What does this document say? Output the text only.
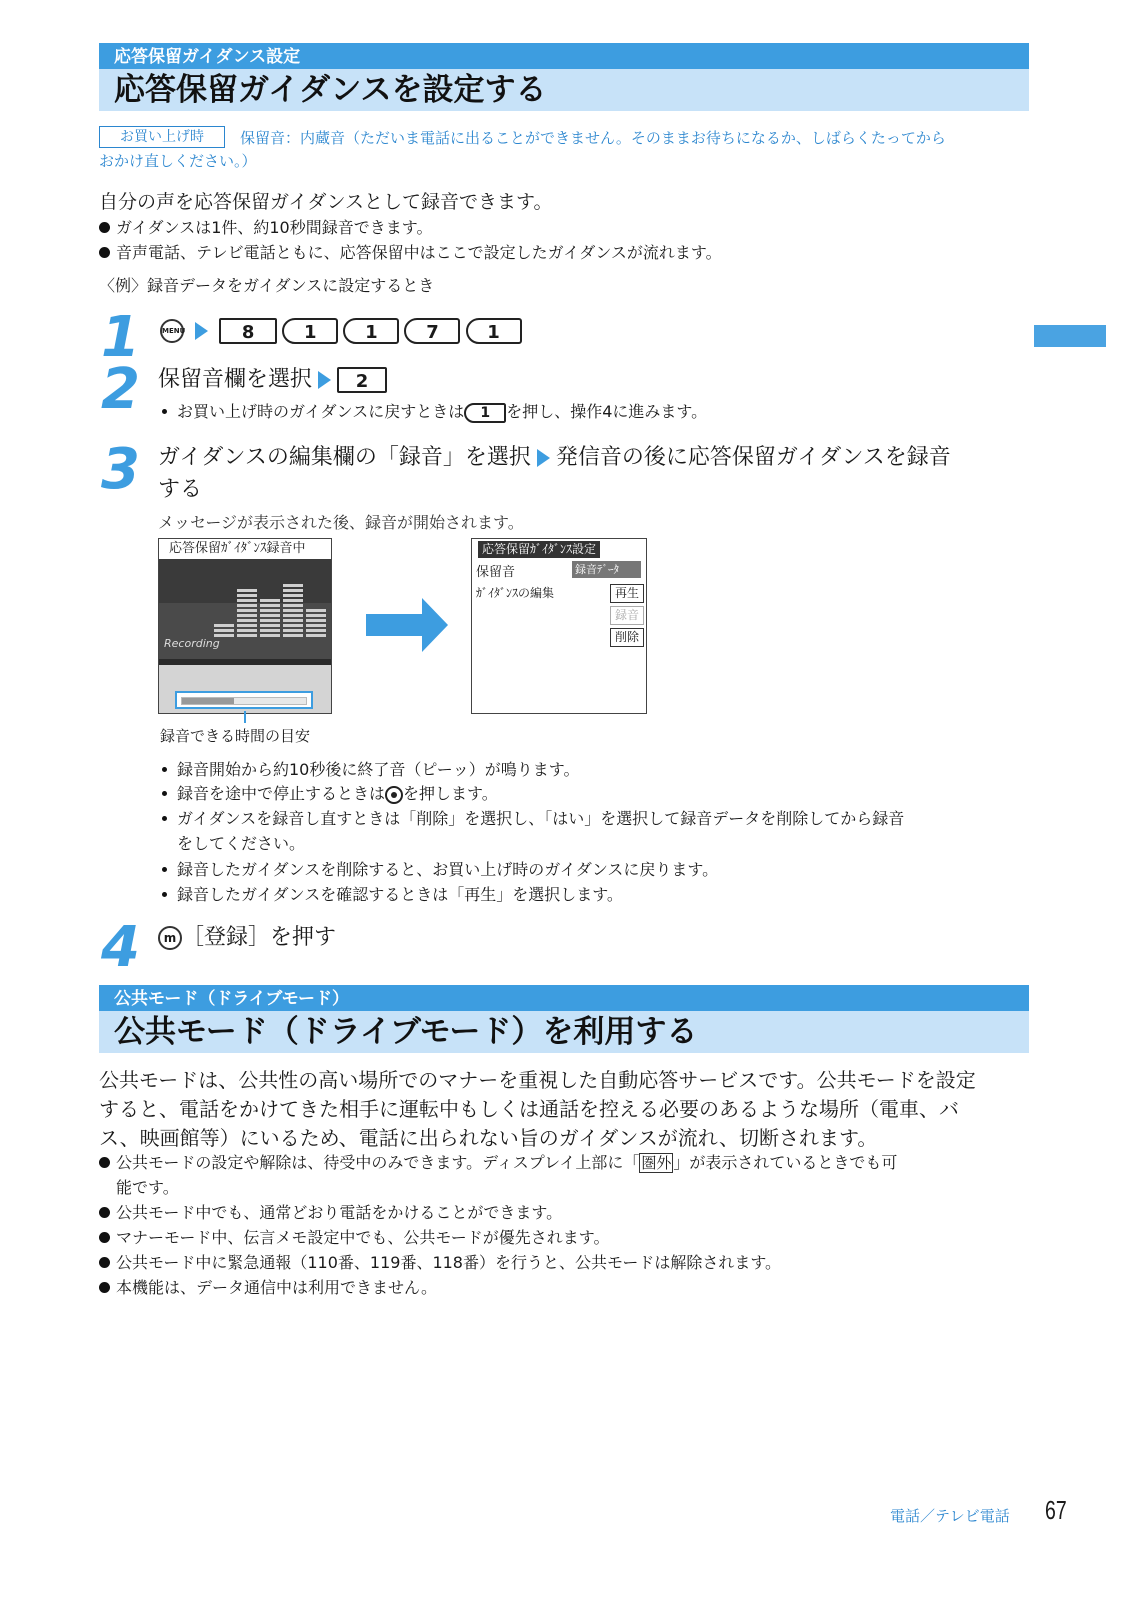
応答保留ガイダンス設定
応答保留ガイダンスを設定する
お買い上げ時	保留音：内蔵音（ただいま電話に出ることができません。そのままお待ちになるか、しばらくたってから
おかけ直しください。）
自分の声を応答保留ガイダンスとして録音できます。
ガイダンスは1件、約10秒間録音できます。
音声電話、テレビ電話ともに、応答保留中はここで設定したガイダンスが流れます。
〈例〉録音データをガイダンスに設定するとき
1	MENU	8	1	1	7	1
2 保留音欄を選択 2
お買い上げ時のガイダンスに戻すときは 1 を押し、操作4に進みます。
3 ガイダンスの編集欄の「録音」を選択 発信音の後に応答保留ガイダンスを録音
する
メッセージが表示された後、録音が開始されます。
応答保留ｶﾞｲﾀﾞﾝｽ録音中
Recording
録音できる時間の目安
応答保留ｶﾞｲﾀﾞﾝｽ設定
保留音	録音ﾃﾞｰﾀ
ｶﾞｲﾀﾞﾝｽの編集	再生
録音
削除
録音開始から約10秒後に終了音（ピーッ）が鳴ります。
録音を途中で停止するときは を押します。
ガイダンスを録音し直すときは「削除」を選択し、「はい」を選択して録音データを削除してから録音
をしてください。
録音したガイダンスを削除すると、お買い上げ時のガイダンスに戻ります。
録音したガイダンスを確認するときは「再生」を選択します。
4	m ［登録］を押す
公共モード（ドライブモード）
公共モード（ドライブモード）を利用する
公共モードは、公共性の高い場所でのマナーを重視した自動応答サービスです。公共モードを設定
すると、電話をかけてきた相手に運転中もしくは通話を控える必要のあるような場所（電車、バ
ス、映画館等）にいるため、電話に出られない旨のガイダンスが流れ、切断されます。
公共モードの設定や解除は、待受中のみできます。ディスプレイ上部に「 圏外 」が表示されているときでも可
能です。
公共モード中でも、通常どおり電話をかけることができます。
マナーモード中、伝言メモ設定中でも、公共モードが優先されます。
公共モード中に緊急通報（110番、119番、118番）を行うと、公共モードは解除されます。
本機能は、データ通信中は利用できません。
電話／テレビ電話 67
